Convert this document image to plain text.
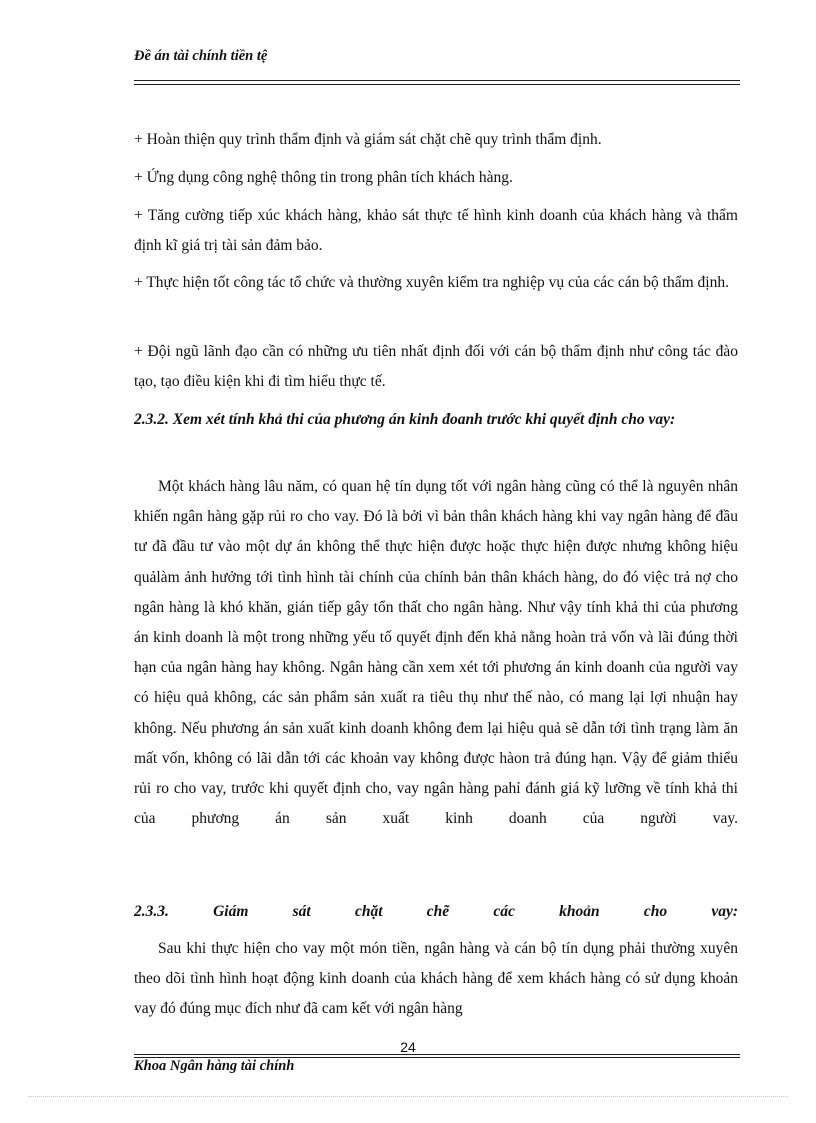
Đề án tài chính tiền tệ
+ Hoàn thiện quy trình thẩm định và giám sát chặt chẽ quy trình thẩm định.
+ Ứng dụng công nghệ thông tin trong phân tích khách hàng.
+ Tăng cường tiếp xúc khách hàng, khảo sát thực tế hình kinh doanh của khách hàng và thẩm định kĩ giá trị tài sản đảm bảo.
+ Thực hiện tốt công tác tổ chức và thường xuyên kiểm tra nghiệp vụ của các cán bộ thẩm định.
+ Đội ngũ lãnh đạo cần có những ưu tiên nhất định đối với cán bộ thẩm định như công tác đào tạo, tạo điều kiện khi đi tìm hiểu thực tế.
2.3.2. Xem xét tính khả thi của phương án kinh đoanh trước khi quyết định cho vay:
Một khách hàng lâu năm, có quan hệ tín dụng tốt với ngân hàng cũng có thể là nguyên nhân khiến ngân hàng gặp rủi ro cho vay. Đó là bởi vì bản thân khách hàng khi vay ngân hàng để đầu tư đã đầu tư vào một dự án không thể thực hiện được hoặc thực hiện được nhưng không hiệu quảlàm ảnh hưởng tới tình hình tài chính của chính bản thân khách hàng, do đó việc trả nợ cho ngân hàng là khó khăn, gián tiếp gây tổn thất cho ngân hàng. Như vậy tính khả thi của phương án kinh doanh là một trong những yếu tố quyết định đến khả nằng hoàn trả vốn và lãi đúng thời hạn của ngân hàng hay không. Ngân hàng cần xem xét tới phương án kinh doanh của người vay có hiệu quả không, các sản phẩm sản xuất ra tiêu thụ như thế nào, có mang lại lợi nhuận hay không. Nếu phương án sản xuất kinh doanh không đem lại hiệu quả sẽ dẫn tới tình trạng làm ăn mất vốn, không có lãi dẫn tới các khoản vay không được hàon trả đúng hạn. Vậy để giảm thiểu rủi ro cho vay, trước khi quyết định cho, vay ngân hàng pahỉ đánh giá kỹ lưỡng về tính khả thi của phương án sản xuất kinh doanh của người vay.
2.3.3. Giám sát chặt chẽ các khoản cho vay:
Sau khi thực hiện cho vay một món tiền, ngân hàng và cán bộ tín dụng phải thường xuyên theo dõi tình hình hoạt động kinh doanh của khách hàng để xem khách hàng có sử dụng khoản vay đó đúng mục đích như đã cam kết với ngân hàng
24
Khoa Ngân hàng tài chính
